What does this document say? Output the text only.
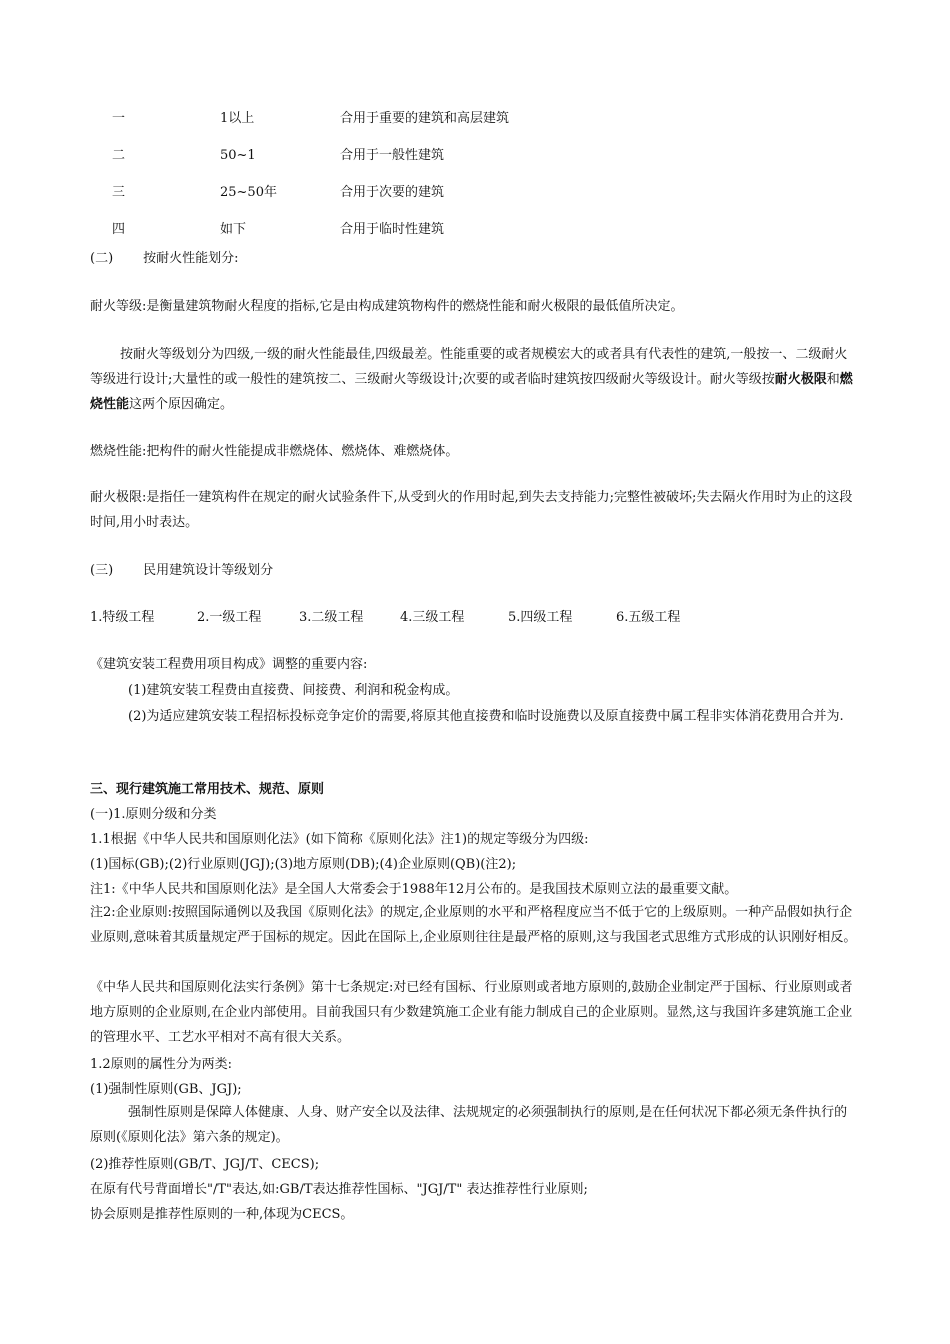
一	1以上	合用于重要的建筑和高层建筑
二	50~1	合用于一般性建筑
三	25~50年	合用于次要的建筑
四	如下	合用于临时性建筑
(二) 按耐火性能划分:
耐火等级:是衡量建筑物耐火程度的指标,它是由构成建筑物构件的燃烧性能和耐火极限的最低值所决定。
按耐火等级划分为四级,一级的耐火性能最佳,四级最差。性能重要的或者规模宏大的或者具有代表性的建筑,一般按一、二级耐火等级进行设计;大量性的或一般性的建筑按二、三级耐火等级设计;次要的或者临时建筑按四级耐火等级设计。耐火等级按耐火极限和燃烧性能这两个原因确定。
燃烧性能:把构件的耐火性能提成非燃烧体、燃烧体、难燃烧体。
耐火极限:是指任一建筑构件在规定的耐火试验条件下,从受到火的作用时起,到失去支持能力;完整性被破坏;失去隔火作用时为止的这段时间,用小时表达。
(三) 民用建筑设计等级划分
1.特级工程	2.一级工程	3.二级工程	4.三级工程	5.四级工程	6.五级工程
《建筑安装工程费用项目构成》调整的重要内容:
(1)建筑安装工程费由直接费、间接费、利润和税金构成。
(2)为适应建筑安装工程招标投标竞争定价的需要,将原其他直接费和临时设施费以及原直接费中属工程非实体消花费用合并为.
三、现行建筑施工常用技术、规范、原则
(一)1.原则分级和分类
1.1根据《中华人民共和国原则化法》(如下简称《原则化法》注1)的规定等级分为四级:
(1)国标(GB);(2)行业原则(JGJ);(3)地方原则(DB);(4)企业原则(QB)(注2);
注1:《中华人民共和国原则化法》是全国人大常委会于1988年12月公布的。是我国技术原则立法的最重要文献。
注2:企业原则:按照国际通例以及我国《原则化法》的规定,企业原则的水平和严格程度应当不低于它的上级原则。一种产品假如执行企业原则,意味着其质量规定严于国标的规定。因此在国际上,企业原则往往是最严格的原则,这与我国老式思维方式形成的认识刚好相反。
《中华人民共和国原则化法实行条例》第十七条规定:对已经有国标、行业原则或者地方原则的,鼓励企业制定严于国标、行业原则或者地方原则的企业原则,在企业内部使用。目前我国只有少数建筑施工企业有能力制成自己的企业原则。显然,这与我国许多建筑施工企业的管理水平、工艺水平相对不高有很大关系。
1.2原则的属性分为两类:
(1)强制性原则(GB、JGJ);
强制性原则是保障人体健康、人身、财产安全以及法律、法规规定的必须强制执行的原则,是在任何状况下都必须无条件执行的原则(《原则化法》第六条的规定)。
(2)推荐性原则(GB/T、JGJ/T、CECS);
在原有代号背面增长"/T"表达,如:GB/T表达推荐性国标、"JGJ/T" 表达推荐性行业原则;
协会原则是推荐性原则的一种,体现为CECS。
